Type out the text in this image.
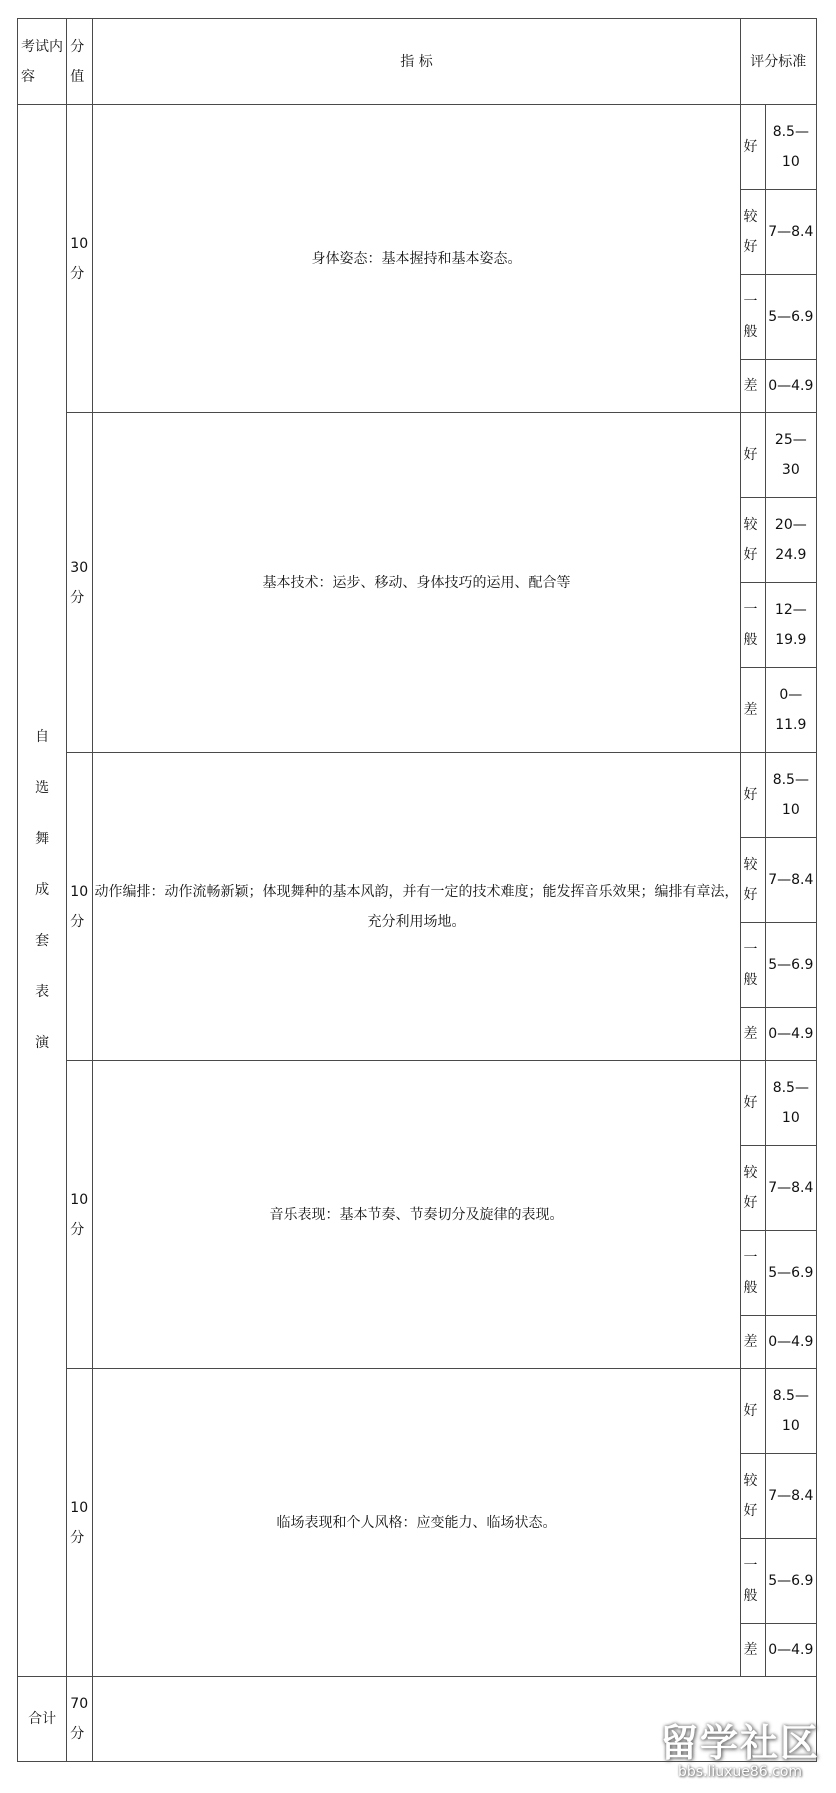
考试内容	分值	指 标	评分标准	

自
选
舞
成
套
表
演
	10分	身体姿态：基本握持和基本姿态。	好	8.5—10
			较好	7—8.4
			一般	5—6.9
			差	0—4.9
	30分	基本技术：运步、移动、身体技巧的运用、配合等	好	25—30
			较好	20—24.9
			一般	12—19.9
			差	0—11.9
	10分	动作编排：动作流畅新颖；体现舞种的基本风韵，并有一定的技术难度；能发挥音乐效果；编排有章法，充分利用场地。	好	8.5—10
			较好	7—8.4
			一般	5—6.9
			差	0—4.9
	10分	音乐表现：基本节奏、节奏切分及旋律的表现。	好	8.5—10
			较好	7—8.4
			一般	5—6.9
			差	0—4.9
	10分	临场表现和个人风格：应变能力、临场状态。	好	8.5—10
			较好	7—8.4
			一般	5—6.9
			差	0—4.9
合计	70分				留学社区
bbs.liuxue86.com
